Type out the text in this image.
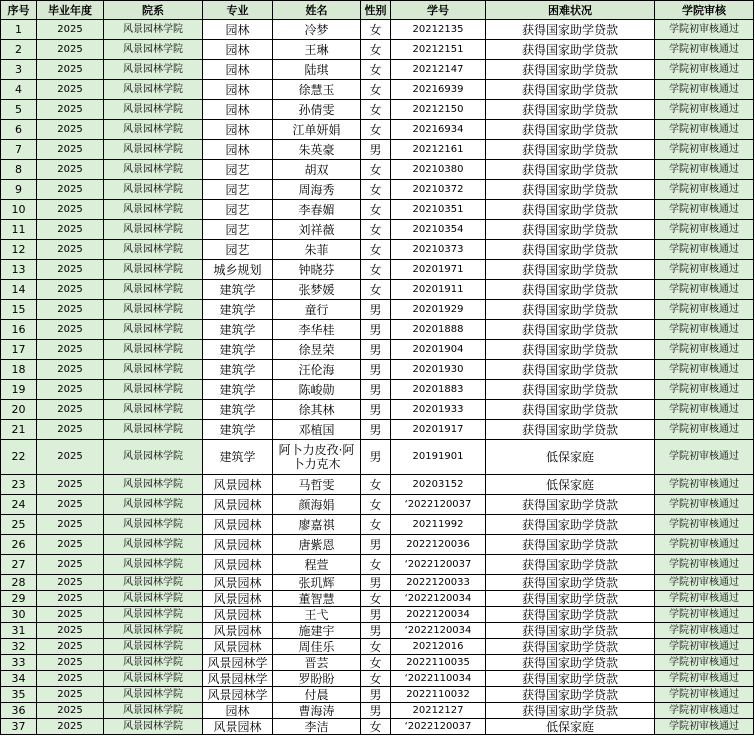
序号	毕业年度	院系	专业	姓名	性别	学号	困难状况	学院审核
1	2025	风景园林学院	园林	冷梦	女	20212135	获得国家助学贷款	学院初审核通过
2	2025	风景园林学院	园林	王琳	女	20212151	获得国家助学贷款	学院初审核通过
3	2025	风景园林学院	园林	陆琪	女	20212147	获得国家助学贷款	学院初审核通过
4	2025	风景园林学院	园林	徐慧玉	女	20216939	获得国家助学贷款	学院初审核通过
5	2025	风景园林学院	园林	孙倩雯	女	20212150	获得国家助学贷款	学院初审核通过
6	2025	风景园林学院	园林	江单妍娟	女	20216934	获得国家助学贷款	学院初审核通过
7	2025	风景园林学院	园林	朱英豪	男	20212161	获得国家助学贷款	学院初审核通过
8	2025	风景园林学院	园艺	胡双	女	20210380	获得国家助学贷款	学院初审核通过
9	2025	风景园林学院	园艺	周海秀	女	20210372	获得国家助学贷款	学院初审核通过
10	2025	风景园林学院	园艺	李春媚	女	20210351	获得国家助学贷款	学院初审核通过
11	2025	风景园林学院	园艺	刘祥薇	女	20210354	获得国家助学贷款	学院初审核通过
12	2025	风景园林学院	园艺	朱菲	女	20210373	获得国家助学贷款	学院初审核通过
13	2025	风景园林学院	城乡规划	钟晓芬	女	20201971	获得国家助学贷款	学院初审核通过
14	2025	风景园林学院	建筑学	张梦媛	女	20201911	获得国家助学贷款	学院初审核通过
15	2025	风景园林学院	建筑学	童行	男	20201929	获得国家助学贷款	学院初审核通过
16	2025	风景园林学院	建筑学	李华桂	男	20201888	获得国家助学贷款	学院初审核通过
17	2025	风景园林学院	建筑学	徐昱荣	男	20201904	获得国家助学贷款	学院初审核通过
18	2025	风景园林学院	建筑学	汪伦海	男	20201930	获得国家助学贷款	学院初审核通过
19	2025	风景园林学院	建筑学	陈峻勋	男	20201883	获得国家助学贷款	学院初审核通过
20	2025	风景园林学院	建筑学	徐其林	男	20201933	获得国家助学贷款	学院初审核通过
21	2025	风景园林学院	建筑学	邓植国	男	20201917	获得国家助学贷款	学院初审核通过
22	2025	风景园林学院	建筑学	阿卜力皮孜·阿卜力克木	男	20191901	低保家庭	学院初审核通过
23	2025	风景园林学院	风景园林	马哲雯	女	20203152	低保家庭	学院初审核通过
24	2025	风景园林学院	风景园林	颜海娟	女	‘2022120037	获得国家助学贷款	学院初审核通过
25	2025	风景园林学院	风景园林	廖嘉祺	女	20211992	获得国家助学贷款	学院初审核通过
26	2025	风景园林学院	风景园林	唐紫恩	男	2022120036	获得国家助学贷款	学院初审核通过
27	2025	风景园林学院	风景园林	程萱	女	‘2022120037	获得国家助学贷款	学院初审核通过
28	2025	风景园林学院	风景园林	张玑辉	男	2022120033	获得国家助学贷款	学院初审核通过
29	2025	风景园林学院	风景园林	董智慧	女	‘2022120034	获得国家助学贷款	学院初审核通过
30	2025	风景园林学院	风景园林	王弋	男	2022120034	获得国家助学贷款	学院初审核通过
31	2025	风景园林学院	风景园林	施建宇	男	‘2022120034	获得国家助学贷款	学院初审核通过
32	2025	风景园林学院	风景园林	周佳乐	女	20212016	获得国家助学贷款	学院初审核通过
33	2025	风景园林学院	风景园林学	晋芸	女	2022110035	获得国家助学贷款	学院初审核通过
34	2025	风景园林学院	风景园林学	罗盼盼	女	‘2022110034	获得国家助学贷款	学院初审核通过
35	2025	风景园林学院	风景园林学	付晨	男	2022110032	获得国家助学贷款	学院初审核通过
36	2025	风景园林学院	园林	曹海涛	男	20212127	获得国家助学贷款	学院初审核通过
37	2025	风景园林学院	风景园林	李洁	女	‘2022120037	低保家庭	学院初审核通过
